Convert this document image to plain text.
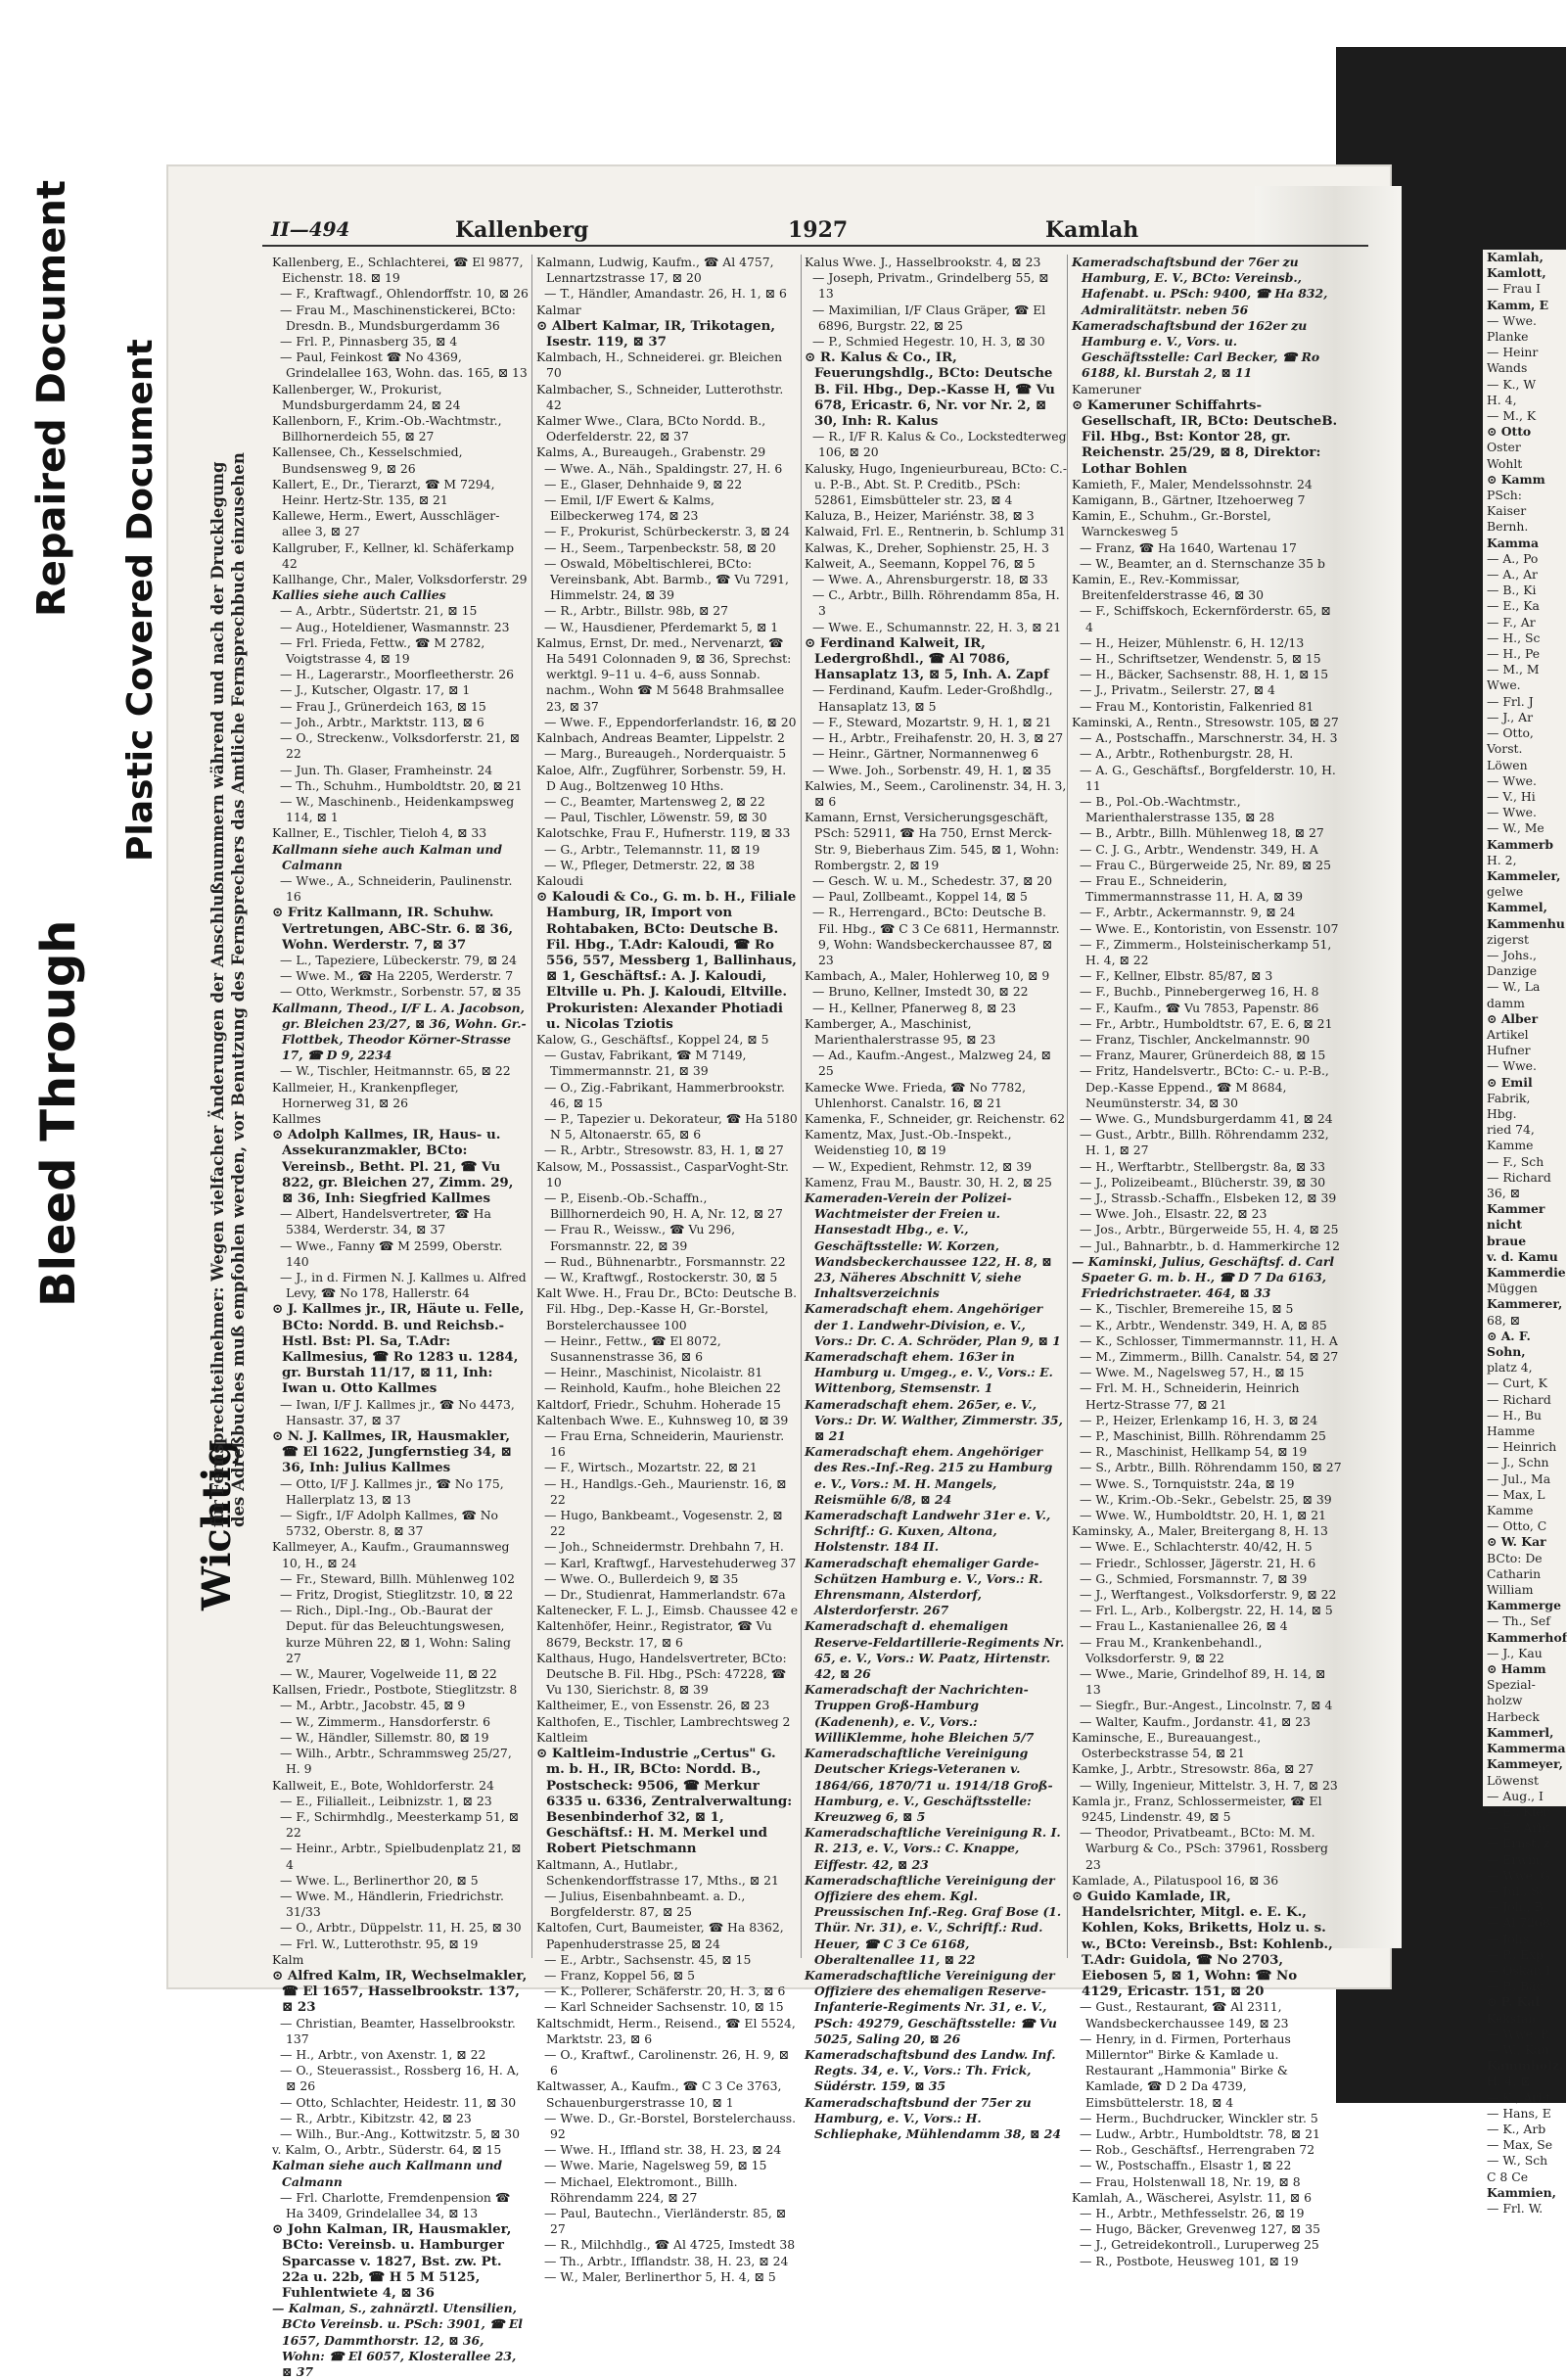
Bleed Through
Repaired Document Plastic Covered Document
Kamlah,
Kamlott,
— Frau I
Kamm, E
— Wwe.
Planke
— Heinr
Wands
— K., W
H. 4,
— M., K
⊙ Otto
Oster
Wohlt
⊙ Kamm
PSch:
Kaiser
Bernh.
Kamma
— A., Po
— A., Ar
— B., Ki
— E., Ka
— F., Ar
— H., Sc
— H., Pe
— M., M
Wwe.
— Frl. J
— J., Ar
— Otto,
Vorst.
Löwen
— Wwe.
— V., Hi
— Wwe.
— W., Me
Kammerb
H. 2,
Kammeler,
gelwe
Kammel,
Kammenhu
zigerst
— Johs.,
Danzige
— W., La
damm
⊙ Alber
Artikel
Hufner
— Wwe.
⊙ Emil
Fabrik,
Hbg.
ried 74,
Kamme
— F., Sch
— Richard
36, ⊠
Kammer
nicht
braue
v. d. Kamu
Kammerdie
Müggen
Kammerer,
68, ⊠
⊙ A. F.
Sohn,
platz 4,
— Curt, K
— Richard
— H., Bu
Hamme
— Heinrich
— J., Schn
— Jul., Ma
— Max, L
Kamme
— Otto, C
⊙ W. Kar
BCto: De
Catharin
William
Kammerge
— Th., Sef
Kammerhof
— J., Kau
⊙ Hamm
Spezial-
holzw
Harbeck
Kammerl,
Kammerma
Kammeyer,
Löwenst
— Aug., I
— E., Kler
— E., Arbt
— Ernst, z
— Erwin,
— Wwe. G
— Jul., Sc
— Joh., B
— Al 7268
— Johs.,
— P., Exp
— Oskar, I
— P., Bäc
⊙ P. Kal
Keksfab
— Wwe. P.
— W., Kau
Kammholz,
H. 4, ⊠
— K., Arbt
— Hans, E
— K., Arb
— Max, Se
— W., Sch
C 8 Ce
Kammien,
— Frl. W.
II—494	Kallenberg	1927	Kamlah
Wichtig
für Fernsprechteilnehmer: Wegen vielfacher Änderungen der Anschlußnummern während und nach der Drucklegung des Adreßbuches muß empfohlen werden, vor Benutzung des Fernsprechers das Amtliche Fernsprechbuch einzusehen

Kallenberg, E., Schlachterei, ☎ El 9877, Eichenstr. 18. ⊠ 19

— F., Kraftwagf., Ohlendorffstr. 10, ⊠ 26

— Frau M., Maschinenstickerei, BCto: Dresdn. B., Mundsburgerdamm 36

— Frl. P., Pinnasberg 35, ⊠ 4

— Paul, Feinkost ☎ No 4369, Grindelallee 163, Wohn. das. 165, ⊠ 13

Kallenberger, W., Prokurist, Mundsburgerdamm 24, ⊠ 24

Kallenborn, F., Krim.-Ob.-Wachtmstr., Billhornerdeich 55, ⊠ 27

Kallensee, Ch., Kesselschmied, Bundsensweg 9, ⊠ 26

Kallert, E., Dr., Tierarzt, ☎ M 7294, Heinr. Hertz-Str. 135, ⊠ 21

Kallewe, Herm., Ewert, Ausschläger-allee 3, ⊠ 27

Kallgruber, F., Kellner, kl. Schäferkamp 42

Kallhange, Chr., Maler, Volksdorferstr. 29

Kallies siehe auch Callies

— A., Arbtr., Südertstr. 21, ⊠ 15

— Aug., Hoteldiener, Wasmannstr. 23

— Frl. Frieda, Fettw., ☎ M 2782, Voigtstrasse 4, ⊠ 19

— H., Lagerarstr., Moorfleetherstr. 26

— J., Kutscher, Olgastr. 17, ⊠ 1

— Frau J., Grünerdeich 163, ⊠ 15

— Joh., Arbtr., Marktstr. 113, ⊠ 6

— O., Streckenw., Volksdorferstr. 21, ⊠ 22

— Jun. Th. Glaser, Framheinstr. 24

— Th., Schuhm., Humboldtstr. 20, ⊠ 21

— W., Maschinenb., Heidenkampsweg 114, ⊠ 1

Kallner, E., Tischler, Tieloh 4, ⊠ 33

Kallmann siehe auch Kalman und Calmann

— Wwe., A., Schneiderin, Paulinenstr. 16

⊙ Fritz Kallmann, IR. Schuhw. Vertretungen, ABC-Str. 6. ⊠ 36, Wohn. Werderstr. 7, ⊠ 37

— L., Tapeziere, Lübeckerstr. 79, ⊠ 24

— Wwe. M., ☎ Ha 2205, Werderstr. 7

— Otto, Werkmstr., Sorbenstr. 57, ⊠ 35

Kallmann, Theod., I/F L. A. Jacobson, gr. Bleichen 23/27, ⊠ 36, Wohn. Gr.-Flottbek, Theodor Körner-Strasse 17, ☎ D 9, 2234

— W., Tischler, Heitmannstr. 65, ⊠ 22

Kallmeier, H., Krankenpfleger, Hornerweg 31, ⊠ 26

Kallmes

⊙ Adolph Kallmes, IR, Haus- u. Assekuranzmakler, BCto: Vereinsb., Betht. Pl. 21, ☎ Vu 822, gr. Bleichen 27, Zimm. 29, ⊠ 36, Inh: Siegfried Kallmes

— Albert, Handelsvertreter, ☎ Ha 5384, Werderstr. 34, ⊠ 37

— Wwe., Fanny ☎ M 2599, Oberstr. 140

— J., in d. Firmen N. J. Kallmes u. Alfred Levy, ☎ No 178, Hallerstr. 64

⊙ J. Kallmes jr., IR, Häute u. Felle, BCto: Nordd. B. und Reichsb.-Hstl. Bst: Pl. Sa, T.Adr: Kallmesius, ☎ Ro 1283 u. 1284, gr. Burstah 11/17, ⊠ 11, Inh: Iwan u. Otto Kallmes

— Iwan, I/F J. Kallmes jr., ☎ No 4473, Hansastr. 37, ⊠ 37

⊙ N. J. Kallmes, IR, Hausmakler, ☎ El 1622, Jungfernstieg 34, ⊠ 36, Inh: Julius Kallmes

— Otto, I/F J. Kallmes jr., ☎ No 175, Hallerplatz 13, ⊠ 13

— Sigfr., I/F Adolph Kallmes, ☎ No 5732, Oberstr. 8, ⊠ 37

Kallmeyer, A., Kaufm., Graumannsweg 10, H., ⊠ 24

— Fr., Steward, Billh. Mühlenweg 102

— Fritz, Drogist, Stieglitzstr. 10, ⊠ 22

— Rich., Dipl.-Ing., Ob.-Baurat der Deput. für das Beleuchtungswesen, kurze Mühren 22, ⊠ 1, Wohn: Saling 27

— W., Maurer, Vogelweide 11, ⊠ 22

Kallsen, Friedr., Postbote, Stieglitzstr. 8

— M., Arbtr., Jacobstr. 45, ⊠ 9

— W., Zimmerm., Hansdorferstr. 6

— W., Händler, Sillemstr. 80, ⊠ 19

— Wilh., Arbtr., Schrammsweg 25/27, H. 9

Kallweit, E., Bote, Wohldorferstr. 24

— E., Filialleit., Leibnizstr. 1, ⊠ 23

— F., Schirmhdlg., Meesterkamp 51, ⊠ 22

— Heinr., Arbtr., Spielbudenplatz 21, ⊠ 4

— Wwe. L., Berlinerthor 20, ⊠ 5

— Wwe. M., Händlerin, Friedrichstr. 31/33

— O., Arbtr., Düppelstr. 11, H. 25, ⊠ 30

— Frl. W., Lutterothstr. 95, ⊠ 19

Kalm

⊙ Alfred Kalm, IR, Wechselmakler, ☎ El 1657, Hasselbrookstr. 137, ⊠ 23

— Christian, Beamter, Hasselbrookstr. 137

— H., Arbtr., von Axenstr. 1, ⊠ 22

— O., Steuerassist., Rossberg 16, H. A, ⊠ 26

— Otto, Schlachter, Heidestr. 11, ⊠ 30

— R., Arbtr., Kibitzstr. 42, ⊠ 23

— Wilh., Bur.-Ang., Kottwitzstr. 5, ⊠ 30

v. Kalm, O., Arbtr., Süderstr. 64, ⊠ 15

Kalman siehe auch Kallmann und Calmann

— Frl. Charlotte, Fremdenpension ☎ Ha 3409, Grindelallee 34, ⊠ 13

⊙ John Kalman, IR, Hausmakler, BCto: Vereinsb. u. Hamburger Sparcasse v. 1827, Bst. zw. Pt. 22a u. 22b, ☎ H 5 M 5125, Fuhlentwiete 4, ⊠ 36

— Kalman, S., zahnärztl. Utensilien, BCto Vereinsb. u. PSch: 3901, ☎ El 1657, Dammthorstr. 12, ⊠ 36, Wohn: ☎ El 6057, Klosterallee 23, ⊠ 37

Kalmann, Ludwig, Kaufm., ☎ Al 4757, Lennartzstrasse 17, ⊠ 20

— T., Händler, Amandastr. 26, H. 1, ⊠ 6

Kalmar

⊙ Albert Kalmar, IR, Trikotagen, Isestr. 119, ⊠ 37

Kalmbach, H., Schneiderei. gr. Bleichen 70

Kalmbacher, S., Schneider, Lutterothstr. 42

Kalmer Wwe., Clara, BCto Nordd. B., Oderfelderstr. 22, ⊠ 37

Kalms, A., Bureaugeh., Grabenstr. 29

— Wwe. A., Näh., Spaldingstr. 27, H. 6

— E., Glaser, Dehnhaide 9, ⊠ 22

— Emil, I/F Ewert & Kalms, Eilbeckerweg 174, ⊠ 23

— F., Prokurist, Schürbeckerstr. 3, ⊠ 24

— H., Seem., Tarpenbeckstr. 58, ⊠ 20

— Oswald, Möbeltischlerei, BCto: Vereinsbank, Abt. Barmb., ☎ Vu 7291, Himmelstr. 24, ⊠ 39

— R., Arbtr., Billstr. 98b, ⊠ 27

— W., Hausdiener, Pferdemarkt 5, ⊠ 1

Kalmus, Ernst, Dr. med., Nervenarzt, ☎ Ha 5491 Colonnaden 9, ⊠ 36, Sprechst: werktgl. 9–11 u. 4–6, auss Sonnab. nachm., Wohn ☎ M 5648 Brahmsallee 23, ⊠ 37

— Wwe. F., Eppendorferlandstr. 16, ⊠ 20

Kalnbach, Andreas Beamter, Lippelstr. 2

— Marg., Bureaugeh., Norderquaistr. 5

Kaloe, Alfr., Zugführer, Sorbenstr. 59, H. D Aug., Boltzenweg 10 Hths.

— C., Beamter, Martensweg 2, ⊠ 22

— Paul, Tischler, Löwenstr. 59, ⊠ 30

Kalotschke, Frau F., Hufnerstr. 119, ⊠ 33

— G., Arbtr., Telemannstr. 11, ⊠ 19

— W., Pfleger, Detmerstr. 22, ⊠ 38

Kaloudi

⊙ Kaloudi & Co., G. m. b. H., Filiale Hamburg, IR, Import von Rohtabaken, BCto: Deutsche B. Fil. Hbg., T.Adr: Kaloudi, ☎ Ro 556, 557, Messberg 1, Ballinhaus, ⊠ 1, Geschäftsf.: A. J. Kaloudi, Eltville u. Ph. J. Kaloudi, Eltville. Prokuristen: Alexander Photiadi u. Nicolas Tziotis

Kalow, G., Geschäftsf., Koppel 24, ⊠ 5

— Gustav, Fabrikant, ☎ M 7149, Timmermannstr. 21, ⊠ 39

— O., Zig.-Fabrikant, Hammerbrookstr. 46, ⊠ 15

— P., Tapezier u. Dekorateur, ☎ Ha 5180 N 5, Altonaerstr. 65, ⊠ 6

— R., Arbtr., Stresowstr. 83, H. 1, ⊠ 27

Kalsow, M., Possassist., CasparVoght-Str. 10

— P., Eisenb.-Ob.-Schaffn., Billhornerdeich 90, H. A, Nr. 12, ⊠ 27

— Frau R., Weissw., ☎ Vu 296, Forsmannstr. 22, ⊠ 39

— Rud., Bühnenarbtr., Forsmannstr. 22

— W., Kraftwgf., Rostockerstr. 30, ⊠ 5

Kalt Wwe. H., Frau Dr., BCto: Deutsche B. Fil. Hbg., Dep.-Kasse H, Gr.-Borstel, Borstelerchaussee 100

— Heinr., Fettw., ☎ El 8072, Susannenstrasse 36, ⊠ 6

— Heinr., Maschinist, Nicolaistr. 81

— Reinhold, Kaufm., hohe Bleichen 22

Kaltdorf, Friedr., Schuhm. Hoherade 15

Kaltenbach Wwe. E., Kuhnsweg 10, ⊠ 39

— Frau Erna, Schneiderin, Maurienstr. 16

— F., Wirtsch., Mozartstr. 22, ⊠ 21

— H., Handlgs.-Geh., Maurienstr. 16, ⊠ 22

— Hugo, Bankbeamt., Vogesenstr. 2, ⊠ 22

— Joh., Schneidermstr. Drehbahn 7, H.

— Karl, Kraftwgf., Harvestehuderweg 37

— Wwe. O., Bullerdeich 9, ⊠ 35

— Dr., Studienrat, Hammerlandstr. 67a

Kaltenecker, F. L. J., Eimsb. Chaussee 42 e

Kaltenhöfer, Heinr., Registrator, ☎ Vu 8679, Beckstr. 17, ⊠ 6

Kalthaus, Hugo, Handelsvertreter, BCto: Deutsche B. Fil. Hbg., PSch: 47228, ☎ Vu 130, Sierichstr. 8, ⊠ 39

Kaltheimer, E., von Essenstr. 26, ⊠ 23

Kalthofen, E., Tischler, Lambrechtsweg 2

Kaltleim

⊙ Kaltleim-Industrie „Certus" G. m. b. H., IR, BCto: Nordd. B., Postscheck: 9506, ☎ Merkur 6335 u. 6336, Zentralverwaltung: Besenbinderhof 32, ⊠ 1, Geschäftsf.: H. M. Merkel und Robert Pietschmann

Kaltmann, A., Hutlabr., Schenkendorffstrasse 17, Mths., ⊠ 21

— Julius, Eisenbahnbeamt. a. D., Borgfelderstr. 87, ⊠ 25

Kaltofen, Curt, Baumeister, ☎ Ha 8362, Papenhuderstrasse 25, ⊠ 24

— E., Arbtr., Sachsenstr. 45, ⊠ 15

— Franz, Koppel 56, ⊠ 5

— K., Pollerer, Schäferstr. 20, H. 3, ⊠ 6

— Karl Schneider Sachsenstr. 10, ⊠ 15

Kaltschmidt, Herm., Reisend., ☎ El 5524, Marktstr. 23, ⊠ 6

— O., Kraftwf., Carolinenstr. 26, H. 9, ⊠ 6

Kaltwasser, A., Kaufm., ☎ C 3 Ce 3763, Schauenburgerstrasse 10, ⊠ 1

— Wwe. D., Gr.-Borstel, Borstelerchauss. 92

— Wwe. H., Iffland str. 38, H. 23, ⊠ 24

— Wwe. Marie, Nagelsweg 59, ⊠ 15

— Michael, Elektromont., Billh. Röhrendamm 224, ⊠ 27

— Paul, Bautechn., Vierländerstr. 85, ⊠ 27

— R., Milchhdlg., ☎ Al 4725, Imstedt 38

— Th., Arbtr., Ifflandstr. 38, H. 23, ⊠ 24

— W., Maler, Berlinerthor 5, H. 4, ⊠ 5

Kalus Wwe. J., Hasselbrookstr. 4, ⊠ 23

— Joseph, Privatm., Grindelberg 55, ⊠ 13

— Maximilian, I/F Claus Gräper, ☎ El 6896, Burgstr. 22, ⊠ 25

— P., Schmied Hegestr. 10, H. 3, ⊠ 30

⊙ R. Kalus & Co., IR, Feuerungshdlg., BCto: Deutsche B. Fil. Hbg., Dep.-Kasse H, ☎ Vu 678, Ericastr. 6, Nr. vor Nr. 2, ⊠ 30, Inh: R. Kalus

— R., I/F R. Kalus & Co., Lockstedterweg 106, ⊠ 20

Kalusky, Hugo, Ingenieurbureau, BCto: C.- u. P.-B., Abt. St. P. Creditb., PSch: 52861, Eimsbütteler str. 23, ⊠ 4

Kaluza, B., Heizer, Mariénstr. 38, ⊠ 3

Kalwaid, Frl. E., Rentnerin, b. Schlump 31

Kalwas, K., Dreher, Sophienstr. 25, H. 3

Kalweit, A., Seemann, Koppel 76, ⊠ 5

— Wwe. A., Ahrensburgerstr. 18, ⊠ 33

— C., Arbtr., Billh. Röhrendamm 85a, H. 3

— Wwe. E., Schumannstr. 22, H. 3, ⊠ 21

⊙ Ferdinand Kalweit, IR, Ledergroßhdl., ☎ Al 7086, Hansaplatz 13, ⊠ 5, Inh. A. Zapf

— Ferdinand, Kaufm. Leder-Großhdlg., Hansaplatz 13, ⊠ 5

— F., Steward, Mozartstr. 9, H. 1, ⊠ 21

— H., Arbtr., Freihafenstr. 20, H. 3, ⊠ 27

— Heinr., Gärtner, Normannenweg 6

— Wwe. Joh., Sorbenstr. 49, H. 1, ⊠ 35

Kalwies, M., Seem., Carolinenstr. 34, H. 3, ⊠ 6

Kamann, Ernst, Versicherungsgeschäft, PSch: 52911, ☎ Ha 750, Ernst Merck-Str. 9, Bieberhaus Zim. 545, ⊠ 1, Wohn: Rombergstr. 2, ⊠ 19

— Gesch. W. u. M., Schedestr. 37, ⊠ 20

— Paul, Zollbeamt., Koppel 14, ⊠ 5

— R., Herrengard., BCto: Deutsche B. Fil. Hbg., ☎ C 3 Ce 6811, Hermannstr. 9, Wohn: Wandsbeckerchaussee 87, ⊠ 23

Kambach, A., Maler, Hohlerweg 10, ⊠ 9

— Bruno, Kellner, Imstedt 30, ⊠ 22

— H., Kellner, Pfanerweg 8, ⊠ 23

Kamberger, A., Maschinist, Marienthalerstrasse 95, ⊠ 23

— Ad., Kaufm.-Angest., Malzweg 24, ⊠ 25

Kamecke Wwe. Frieda, ☎ No 7782, Uhlenhorst. Canalstr. 16, ⊠ 21

Kamenka, F., Schneider, gr. Reichenstr. 62

Kamentz, Max, Just.-Ob.-Inspekt., Weidenstieg 10, ⊠ 19

— W., Expedient, Rehmstr. 12, ⊠ 39

Kamenz, Frau M., Baustr. 30, H. 2, ⊠ 25

Kameraden-Verein der Polizei-Wachtmeister der Freien u. Hansestadt Hbg., e. V., Geschäftsstelle: W. Korzen, Wandsbeckerchaussee 122, H. 8, ⊠ 23, Näheres Abschnitt V, siehe Inhaltsverzeichnis

Kameradschaft ehem. Angehöriger der 1. Landwehr-Division, e. V., Vors.: Dr. C. A. Schröder, Plan 9, ⊠ 1

Kameradschaft ehem. 163er in Hamburg u. Umgeg., e. V., Vors.: E. Wittenborg, Stemsenstr. 1

Kameradschaft ehem. 265er, e. V., Vors.: Dr. W. Walther, Zimmerstr. 35, ⊠ 21

Kameradschaft ehem. Angehöriger des Res.-Inf.-Reg. 215 zu Hamburg e. V., Vors.: M. H. Mangels, Reismühle 6/8, ⊠ 24

Kameradschaft Landwehr 31er e. V., Schriftf.: G. Kuxen, Altona, Holstenstr. 184 II.

Kameradschaft ehemaliger Garde-Schützen Hamburg e. V., Vors.: R. Ehrensmann, Alsterdorf, Alsterdorferstr. 267

Kameradschaft d. ehemaligen Reserve-Feldartillerie-Regiments Nr. 65, e. V., Vors.: W. Paatz, Hirtenstr. 42, ⊠ 26

Kameradschaft der Nachrichten-Truppen Groß-Hamburg (Kadenenh), e. V., Vors.: WilliKlemme, hohe Bleichen 5/7

Kameradschaftliche Vereinigung Deutscher Kriegs-Veteranen v. 1864/66, 1870/71 u. 1914/18 Groß-Hamburg, e. V., Geschäftsstelle: Kreuzweg 6, ⊠ 5

Kameradschaftliche Vereinigung R. I. R. 213, e. V., Vors.: C. Knappe, Eiffestr. 42, ⊠ 23

Kameradschaftliche Vereinigung der Offiziere des ehem. Kgl. Preussischen Inf.-Reg. Graf Bose (1. Thür. Nr. 31), e. V., Schriftf.: Rud. Heuer, ☎ C 3 Ce 6168, Oberaltenallee 11, ⊠ 22

Kameradschaftliche Vereinigung der Offiziere des ehemaligen Reserve-Infanterie-Regiments Nr. 31, e. V., PSch: 49279, Geschäftsstelle: ☎ Vu 5025, Saling 20, ⊠ 26

Kameradschaftsbund des Landw. Inf. Regts. 34, e. V., Vors.: Th. Frick, Südérstr. 159, ⊠ 35

Kameradschaftsbund der 75er zu Hamburg, e. V., Vors.: H. Schliephake, Mühlendamm 38, ⊠ 24

Kameradschaftsbund der 76er zu Hamburg, E. V., BCto: Vereinsb., Hafenabt. u. PSch: 9400, ☎ Ha 832, Admiralitätstr. neben 56

Kameradschaftsbund der 162er zu Hamburg e. V., Vors. u. Geschäftsstelle: Carl Becker, ☎ Ro 6188, kl. Burstah 2, ⊠ 11

Kameruner

⊙ Kameruner Schiffahrts-Gesellschaft, IR, BCto: DeutscheB. Fil. Hbg., Bst: Kontor 28, gr. Reichenstr. 25/29, ⊠ 8, Direktor: Lothar Bohlen

Kamieth, F., Maler, Mendelssohnstr. 24

Kamigann, B., Gärtner, Itzehoerweg 7

Kamin, E., Schuhm., Gr.-Borstel, Warnckesweg 5

— Franz, ☎ Ha 1640, Wartenau 17

— W., Beamter, an d. Sternschanze 35 b

Kamin, E., Rev.-Kommissar, Breitenfelderstrasse 46, ⊠ 30

— F., Schiffskoch, Eckernförderstr. 65, ⊠ 4

— H., Heizer, Mühlenstr. 6, H. 12/13

— H., Schriftsetzer, Wendenstr. 5, ⊠ 15

— H., Bäcker, Sachsenstr. 88, H. 1, ⊠ 15

— J., Privatm., Seilerstr. 27, ⊠ 4

— Frau M., Kontoristin, Falkenried 81

Kaminski, A., Rentn., Stresowstr. 105, ⊠ 27

— A., Postschaffn., Marschnerstr. 34, H. 3

— A., Arbtr., Rothenburgstr. 28, H.

— A. G., Geschäftsf., Borgfelderstr. 10, H. 11

— B., Pol.-Ob.-Wachtmstr., Marienthalerstrasse 135, ⊠ 28

— B., Arbtr., Billh. Mühlenweg 18, ⊠ 27

— C. J. G., Arbtr., Wendenstr. 349, H. A

— Frau C., Bürgerweide 25, Nr. 89, ⊠ 25

— Frau E., Schneiderin, Timmermannstrasse 11, H. A, ⊠ 39

— F., Arbtr., Ackermannstr. 9, ⊠ 24

— Wwe. E., Kontoristin, von Essenstr. 107

— F., Zimmerm., Holsteinischerkamp 51, H. 4, ⊠ 22

— F., Kellner, Elbstr. 85/87, ⊠ 3

— F., Buchb., Pinnebergerweg 16, H. 8

— F., Kaufm., ☎ Vu 7853, Papenstr. 86

— Fr., Arbtr., Humboldtstr. 67, E. 6, ⊠ 21

— Franz, Tischler, Anckelmannstr. 90

— Franz, Maurer, Grünerdeich 88, ⊠ 15

— Fritz, Handelsvertr., BCto: C.- u. P.-B., Dep.-Kasse Eppend., ☎ M 8684, Neumünsterstr. 34, ⊠ 30

— Wwe. G., Mundsburgerdamm 41, ⊠ 24

— Gust., Arbtr., Billh. Röhrendamm 232, H. 1, ⊠ 27

— H., Werftarbtr., Stellbergstr. 8a, ⊠ 33

— J., Polizeibeamt., Blücherstr. 39, ⊠ 30

— J., Strassb.-Schaffn., Elsbeken 12, ⊠ 39

— Wwe. Joh., Elsastr. 22, ⊠ 23

— Jos., Arbtr., Bürgerweide 55, H. 4, ⊠ 25

— Jul., Bahnarbtr., b. d. Hammerkirche 12

— Kaminski, Julius, Geschäftsf. d. Carl Spaeter G. m. b. H., ☎ D 7 Da 6163, Friedrichstraeter. 464, ⊠ 33

— K., Tischler, Bremereihe 15, ⊠ 5

— K., Arbtr., Wendenstr. 349, H. A, ⊠ 85

— K., Schlosser, Timmermannstr. 11, H. A

— M., Zimmerm., Billh. Canalstr. 54, ⊠ 27

— Wwe. M., Nagelsweg 57, H., ⊠ 15

— Frl. M. H., Schneiderin, Heinrich Hertz-Strasse 77, ⊠ 21

— P., Heizer, Erlenkamp 16, H. 3, ⊠ 24

— P., Maschinist, Billh. Röhrendamm 25

— R., Maschinist, Hellkamp 54, ⊠ 19

— S., Arbtr., Billh. Röhrendamm 150, ⊠ 27

— Wwe. S., Tornquiststr. 24a, ⊠ 19

— W., Krim.-Ob.-Sekr., Gebelstr. 25, ⊠ 39

— Wwe. W., Humboldtstr. 20, H. 1, ⊠ 21

Kaminsky, A., Maler, Breitergang 8, H. 13

— Wwe. E., Schlachterstr. 40/42, H. 5

— Friedr., Schlosser, Jägerstr. 21, H. 6

— G., Schmied, Forsmannstr. 7, ⊠ 39

— J., Werftangest., Volksdorferstr. 9, ⊠ 22

— Frl. L., Arb., Kolbergstr. 22, H. 14, ⊠ 5

— Frau L., Kastanienallee 26, ⊠ 4

— Frau M., Krankenbehandl., Volksdorferstr. 9, ⊠ 22

— Wwe., Marie, Grindelhof 89, H. 14, ⊠ 13

— Siegfr., Bur.-Angest., Lincolnstr. 7, ⊠ 4

— Walter, Kaufm., Jordanstr. 41, ⊠ 23

Kaminsche, E., Bureauangest., Osterbeckstrasse 54, ⊠ 21

Kamke, J., Arbtr., Stresowstr. 86a, ⊠ 27

— Willy, Ingenieur, Mittelstr. 3, H. 7, ⊠ 23

Kamla jr., Franz, Schlossermeister, ☎ El 9245, Lindenstr. 49, ⊠ 5

— Theodor, Privatbeamt., BCto: M. M. Warburg & Co., PSch: 37961, Rossberg 23

Kamlade, A., Pilatuspool 16, ⊠ 36

⊙ Guido Kamlade, IR, Handelsrichter, Mitgl. e. E. K., Kohlen, Koks, Briketts, Holz u. s. w., BCto: Vereinsb., Bst: Kohlenb., T.Adr: Guidola, ☎ No 2703, Eiebosen 5, ⊠ 1, Wohn: ☎ No 4129, Ericastr. 151, ⊠ 20

— Gust., Restaurant, ☎ Al 2311, Wandsbeckerchaussee 149, ⊠ 23

— Henry, in d. Firmen, Porterhaus Millerntor" Birke & Kamlade u. Restaurant „Hammonia" Birke & Kamlade, ☎ D 2 Da 4739, Eimsbüttelerstr. 18, ⊠ 4

— Herm., Buchdrucker, Winckler str. 5

— Ludw., Arbtr., Humboldtstr. 78, ⊠ 21

— Rob., Geschäftsf., Herrengraben 72

— W., Postschaffn., Elsastr 1, ⊠ 22

— Frau, Holstenwall 18, Nr. 19, ⊠ 8

Kamlah, A., Wäscherei, Asylstr. 11, ⊠ 6

— H., Arbtr., Methfesselstr. 26, ⊠ 19

— Hugo, Bäcker, Grevenweg 127, ⊠ 35

— J., Getreidekontroll., Luruperweg 25

— R., Postbote, Heusweg 101, ⊠ 19
